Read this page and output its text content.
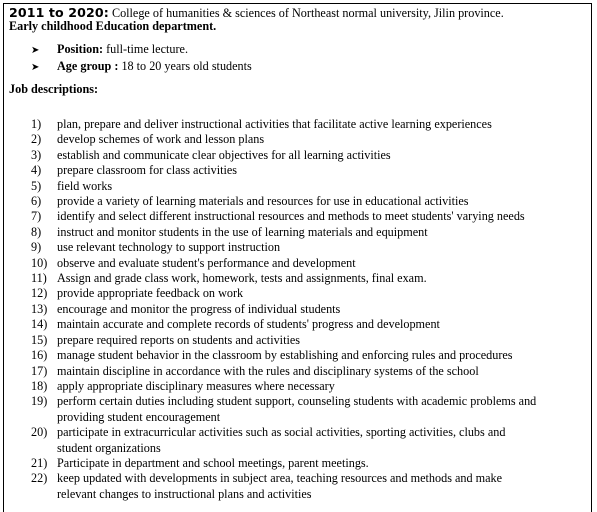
2011 to 2020: College of humanities & sciences of Northeast normal university, Jilin province.
Early childhood Education department.
➤ Position: full-time lecture.
➤ Age group : 18 to 20 years old students
Job descriptions:
1)	plan, prepare and deliver instructional activities that facilitate active learning experiences
2)	develop schemes of work and lesson plans
3)	establish and communicate clear objectives for all learning activities
4)	prepare classroom for class activities
5)	field works
6)	provide a variety of learning materials and resources for use in educational activities
7)	identify and select different instructional resources and methods to meet students' varying needs
8)	instruct and monitor students in the use of learning materials and equipment
9)	use relevant technology to support instruction
10) observe and evaluate student's performance and development
11) Assign and grade class work, homework, tests and assignments, final exam.
12) provide appropriate feedback on work
13) encourage and monitor the progress of individual students
14) maintain accurate and complete records of students' progress and development
15) prepare required reports on students and activities
16) manage student behavior in the classroom by establishing and enforcing rules and procedures
17) maintain discipline in accordance with the rules and disciplinary systems of the school
18) apply appropriate disciplinary measures where necessary
19) perform certain duties including student support, counseling students with academic problems and
providing student encouragement
20) participate in extracurricular activities such as social activities, sporting activities, clubs and
student organizations
21) Participate in department and school meetings, parent meetings.
22) keep updated with developments in subject area, teaching resources and methods and make
relevant changes to instructional plans and activities
